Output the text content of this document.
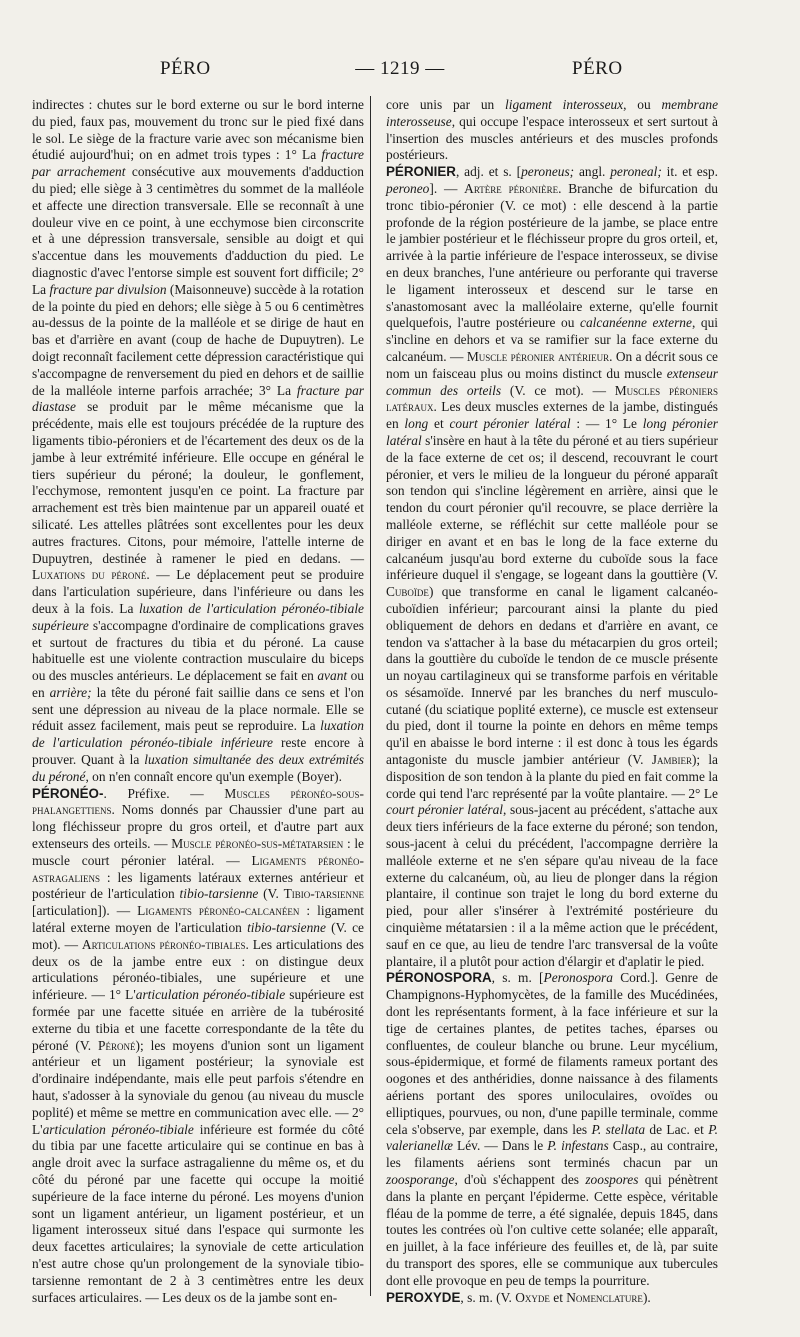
PÉRO	— 1219 —	PÉRO

indirectes : chutes sur le bord externe ou sur le bord interne du pied, faux pas, mouvement du tronc sur le pied fixé dans le sol. Le siège de la fracture varie avec son mécanisme bien étudié aujourd'hui; on en admet trois types : 1° La fracture par arrachement consécutive aux mouvements d'adduction du pied; elle siège à 3 centimètres du sommet de la malléole et affecte une direction transversale. Elle se reconnaît à une douleur vive en ce point, à une ecchymose bien circonscrite et à une dépression transversale, sensible au doigt et qui s'accentue dans les mouvements d'adduction du pied. Le diagnostic d'avec l'entorse simple est souvent fort difficile; 2° La fracture par divulsion (Maisonneuve) succède à la rotation de la pointe du pied en dehors; elle siège à 5 ou 6 centimètres au-dessus de la pointe de la malléole et se dirige de haut en bas et d'arrière en avant (coup de hache de Dupuytren). Le doigt reconnaît facilement cette dépression caractéristique qui s'accompagne de renversement du pied en dehors et de saillie de la malléole interne parfois arrachée; 3° La fracture par diastase se produit par le même mécanisme que la précédente, mais elle est toujours précédée de la rupture des ligaments tibio-péroniers et de l'écartement des deux os de la jambe à leur extrémité inférieure. Elle occupe en général le tiers supérieur du péroné; la douleur, le gonflement, l'ecchymose, remontent jusqu'en ce point. La fracture par arrachement est très bien maintenue par un appareil ouaté et silicaté. Les attelles plâtrées sont excellentes pour les deux autres fractures. Citons, pour mémoire, l'attelle interne de Dupuytren, destinée à ramener le pied en dedans. — Luxations du péroné. — Le déplacement peut se produire dans l'articulation supérieure, dans l'inférieure ou dans les deux à la fois. La luxation de l'articulation péronéo-tibiale supérieure s'accompagne d'ordinaire de complications graves et surtout de fractures du tibia et du péroné. La cause habituelle est une violente contraction musculaire du biceps ou des muscles antérieurs. Le déplacement se fait en avant ou en arrière; la tête du péroné fait saillie dans ce sens et l'on sent une dépression au niveau de la place normale. Elle se réduit assez facilement, mais peut se reproduire. La luxation de l'articulation péronéo-tibiale inférieure reste encore à prouver. Quant à la luxation simultanée des deux extrémités du péroné, on n'en connaît encore qu'un exemple (Boyer).

PÉRONÉO-. Préfixe. — Muscles péronéo-sous-phalangettiens. Noms donnés par Chaussier d'une part au long fléchisseur propre du gros orteil, et d'autre part aux extenseurs des orteils. — Muscle péronéo-sus-métatarsien : le muscle court péronier latéral. — Ligaments péronéo-astragaliens : les ligaments latéraux externes antérieur et postérieur de l'articulation tibio-tarsienne (V. Tibio-tarsienne [articulation]). — Ligaments péronéo-calcanéen : ligament latéral externe moyen de l'articulation tibio-tarsienne (V. ce mot). — Articulations péronéo-tibiales. Les articulations des deux os de la jambe entre eux : on distingue deux articulations péronéo-tibiales, une supérieure et une inférieure. — 1° L'articulation péronéo-tibiale supérieure est formée par une facette située en arrière de la tubérosité externe du tibia et une facette correspondante de la tête du péroné (V. Péroné); les moyens d'union sont un ligament antérieur et un ligament postérieur; la synoviale est d'ordinaire indépendante, mais elle peut parfois s'étendre en haut, s'adosser à la synoviale du genou (au niveau du muscle poplité) et même se mettre en communication avec elle. — 2° L'articulation péronéo-tibiale inférieure est formée du côté du tibia par une facette articulaire qui se continue en bas à angle droit avec la surface astragalienne du même os, et du côté du péroné par une facette qui occupe la moitié supérieure de la face interne du péroné. Les moyens d'union sont un ligament antérieur, un ligament postérieur, et un ligament interosseux situé dans l'espace qui surmonte les deux facettes articulaires; la synoviale de cette articulation n'est autre chose qu'un prolongement de la synoviale tibio-tarsienne remontant de 2 à 3 centimètres entre les deux surfaces articulaires. — Les deux os de la jambe sont en-

core unis par un ligament interosseux, ou membrane interosseuse, qui occupe l'espace interosseux et sert surtout à l'insertion des muscles antérieurs et des muscles profonds postérieurs.

PÉRONIER, adj. et s. [peroneus; angl. peroneal; it. et esp. peroneo]. — Artère péronière. Branche de bifurcation du tronc tibio-péronier (V. ce mot) : elle descend à la partie profonde de la région postérieure de la jambe, se place entre le jambier postérieur et le fléchisseur propre du gros orteil, et, arrivée à la partie inférieure de l'espace interosseux, se divise en deux branches, l'une antérieure ou perforante qui traverse le ligament interosseux et descend sur le tarse en s'anastomosant avec la malléolaire externe, qu'elle fournit quelquefois, l'autre postérieure ou calcanéenne externe, qui s'incline en dehors et va se ramifier sur la face externe du calcanéum. — Muscle péronier antérieur. On a décrit sous ce nom un faisceau plus ou moins distinct du muscle extenseur commun des orteils (V. ce mot). — Muscles péroniers latéraux. Les deux muscles externes de la jambe, distingués en long et court péronier latéral : — 1° Le long péronier latéral s'insère en haut à la tête du péroné et au tiers supérieur de la face externe de cet os; il descend, recouvrant le court péronier, et vers le milieu de la longueur du péroné apparaît son tendon qui s'incline légèrement en arrière, ainsi que le tendon du court péronier qu'il recouvre, se place derrière la malléole externe, se réfléchit sur cette malléole pour se diriger en avant et en bas le long de la face externe du calcanéum jusqu'au bord externe du cuboïde sous la face inférieure duquel il s'engage, se logeant dans la gouttière (V. Cuboïde) que transforme en canal le ligament calcanéo-cuboïdien inférieur; parcourant ainsi la plante du pied obliquement de dehors en dedans et d'arrière en avant, ce tendon va s'attacher à la base du métacarpien du gros orteil; dans la gouttière du cuboïde le tendon de ce muscle présente un noyau cartilagineux qui se transforme parfois en véritable os sésamoïde. Innervé par les branches du nerf musculo-cutané (du sciatique poplité externe), ce muscle est extenseur du pied, dont il tourne la pointe en dehors en même temps qu'il en abaisse le bord interne : il est donc à tous les égards antagoniste du muscle jambier antérieur (V. Jambier); la disposition de son tendon à la plante du pied en fait comme la corde qui tend l'arc représenté par la voûte plantaire. — 2° Le court péronier latéral, sous-jacent au précédent, s'attache aux deux tiers inférieurs de la face externe du péroné; son tendon, sous-jacent à celui du précédent, l'accompagne derrière la malléole externe et ne s'en sépare qu'au niveau de la face externe du calcanéum, où, au lieu de plonger dans la région plantaire, il continue son trajet le long du bord externe du pied, pour aller s'insérer à l'extrémité postérieure du cinquième métatarsien : il a la même action que le précédent, sauf en ce que, au lieu de tendre l'arc transversal de la voûte plantaire, il a plutôt pour action d'élargir et d'aplatir le pied.

PÉRONOSPORA, s. m. [Peronospora Cord.]. Genre de Champignons-Hyphomycètes, de la famille des Mucédinées, dont les représentants forment, à la face inférieure et sur la tige de certaines plantes, de petites taches, éparses ou confluentes, de couleur blanche ou brune. Leur mycélium, sous-épidermique, et formé de filaments rameux portant des oogones et des anthéridies, donne naissance à des filaments aériens portant des spores uniloculaires, ovoïdes ou elliptiques, pourvues, ou non, d'une papille terminale, comme cela s'observe, par exemple, dans les P. stellata de Lac. et P. valerianellæ Lév. — Dans le P. infestans Casp., au contraire, les filaments aériens sont terminés chacun par un zoosporange, d'où s'échappent des zoospores qui pénètrent dans la plante en perçant l'épiderme. Cette espèce, véritable fléau de la pomme de terre, a été signalée, depuis 1845, dans toutes les contrées où l'on cultive cette solanée; elle apparaît, en juillet, à la face inférieure des feuilles et, de là, par suite du transport des spores, elle se communique aux tubercules dont elle provoque en peu de temps la pourriture.

PEROXYDE, s. m. (V. Oxyde et Nomenclature).
